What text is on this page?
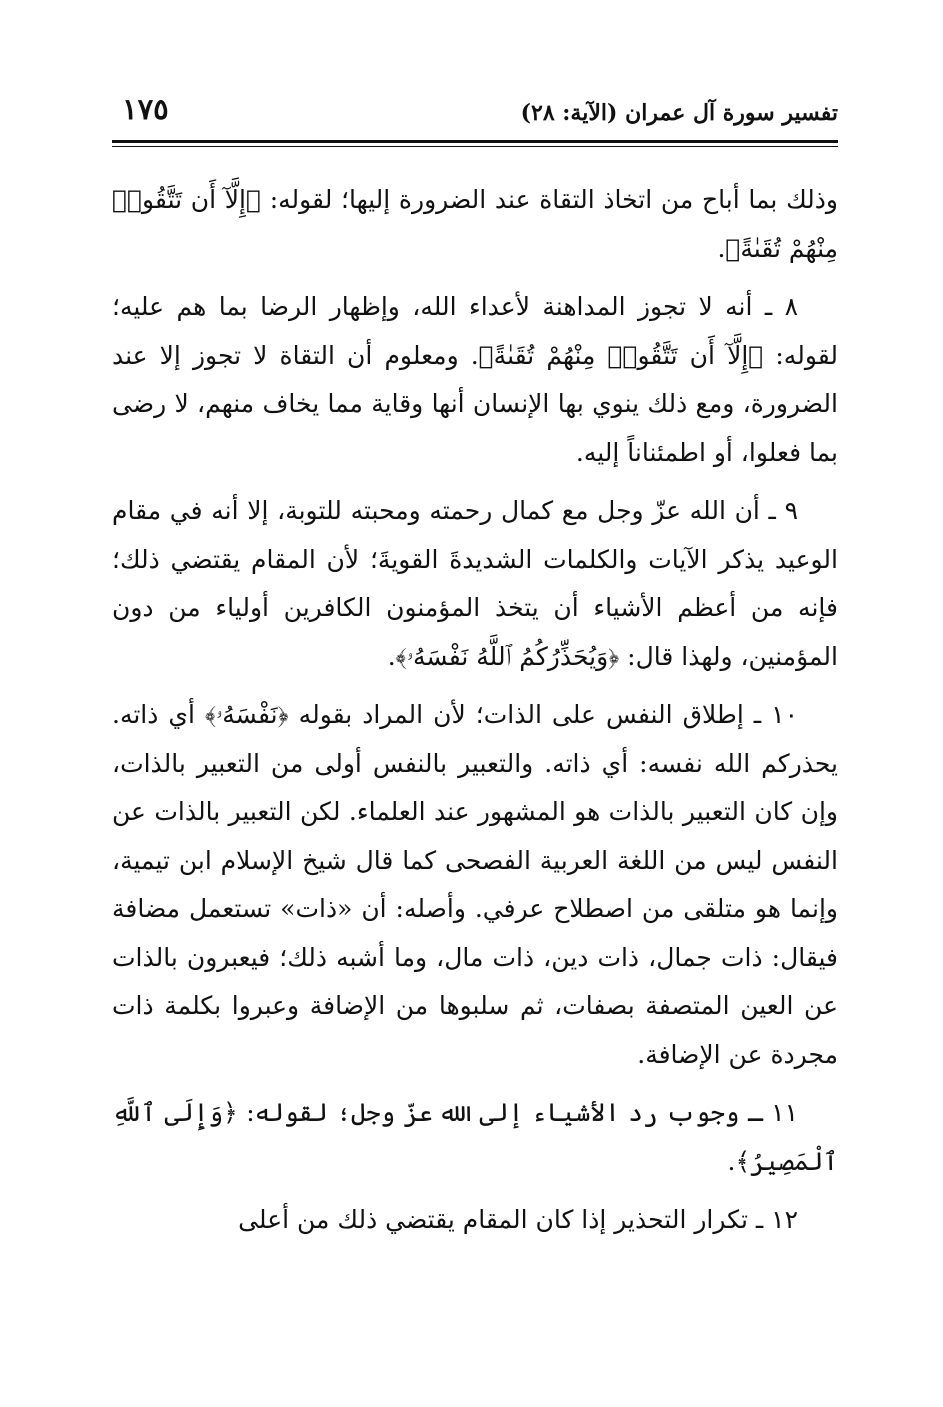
تفسير سورة آل عمران (الآية: ٢٨)
١٧٥

وذلك بما أباح من اتخاذ التقاة عند الضرورة إليها؛ لقوله: ﴿إِلَّآ أَن تَتَّقُوا۟ مِنْهُمْ تُقَىٰةً﴾.

٨ ـ أنه لا تجوز المداهنة لأعداء الله، وإظهار الرضا بما هم عليه؛ لقوله: ﴿إِلَّآ أَن تَتَّقُوا۟ مِنْهُمْ تُقَىٰةً﴾. ومعلوم أن التقاة لا تجوز إلا عند الضرورة، ومع ذلك ينوي بها الإنسان أنها وقاية مما يخاف منهم، لا رضى بما فعلوا، أو اطمئناناً إليه.

٩ ـ أن الله عزّ وجل مع كمال رحمته ومحبته للتوبة، إلا أنه في مقام الوعيد يذكر الآيات والكلمات الشديدةَ القويةَ؛ لأن المقام يقتضي ذلك؛ فإنه من أعظم الأشياء أن يتخذ المؤمنون الكافرين أولياء من دون المؤمنين، ولهذا قال: ﴿وَيُحَذِّرُكُمُ ٱللَّهُ نَفْسَهُۥ﴾.

١٠ ـ إطلاق النفس على الذات؛ لأن المراد بقوله ﴿نَفْسَهُۥ﴾ أي ذاته. يحذركم الله نفسه: أي ذاته. والتعبير بالنفس أولى من التعبير بالذات، وإن كان التعبير بالذات هو المشهور عند العلماء. لكن التعبير بالذات عن النفس ليس من اللغة العربية الفصحى كما قال شيخ الإسلام ابن تيمية، وإنما هو متلقى من اصطلاح عرفي. وأصله: أن «ذات» تستعمل مضافة فيقال: ذات جمال، ذات دين، ذات مال، وما أشبه ذلك؛ فيعبرون بالذات عن العين المتصفة بصفات، ثم سلبوها من الإضافة وعبروا بكلمة ذات مجردة عن الإضافة.

١١ ـ وجوب رد الأشياء إلى الله عزّ وجل؛ لقوله: ﴿وَإِلَى ٱللَّهِ ٱلْمَصِيرُ﴾.

١٢ ـ تكرار التحذير إذا كان المقام يقتضي ذلك من أعلى
